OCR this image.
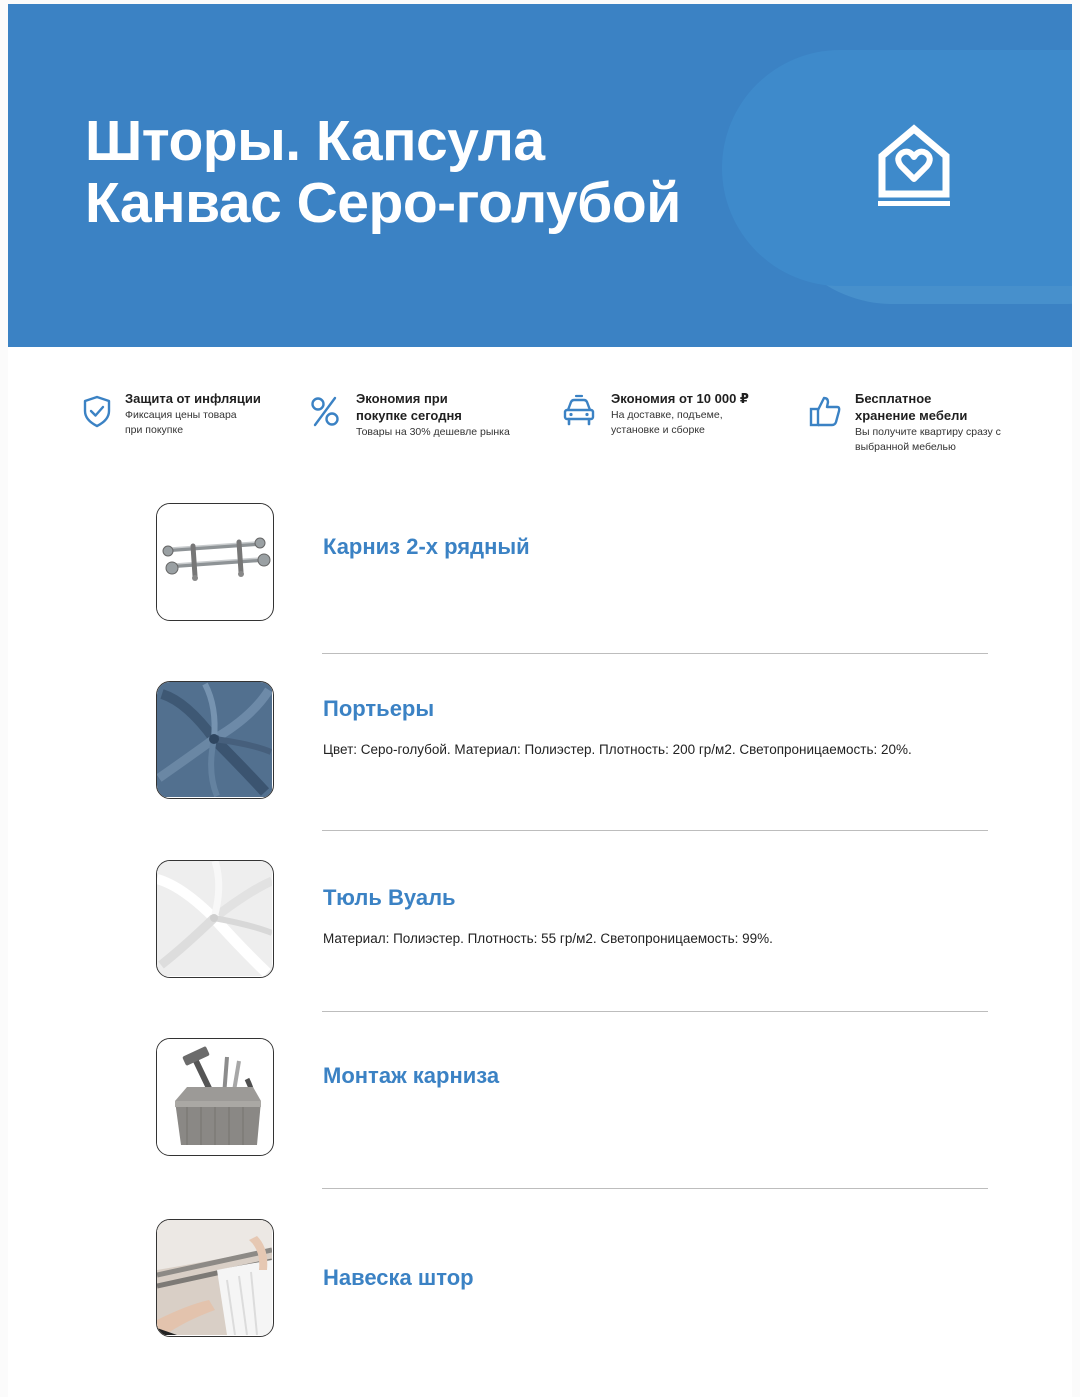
Шторы. Капсула
Канвас Серо-голубой
Защита от инфляции
Фиксация цены товара при покупке
Экономия при покупке сегодня
Товары на 30% дешевле рынка
Экономия от 10 000 ₽
На доставке, подъеме, установке и сборке
Бесплатное хранение мебели
Вы получите квартиру сразу с выбранной мебелью
Карниз 2-х рядный
Портьеры
Цвет: Серо-голубой. Материал: Полиэстер. Плотность: 200 гр/м2. Светопроницаемость: 20%.
Тюль Вуаль
Материал: Полиэстер. Плотность: 55 гр/м2. Светопроницаемость: 99%.
Монтаж карниза
Навеска штор
